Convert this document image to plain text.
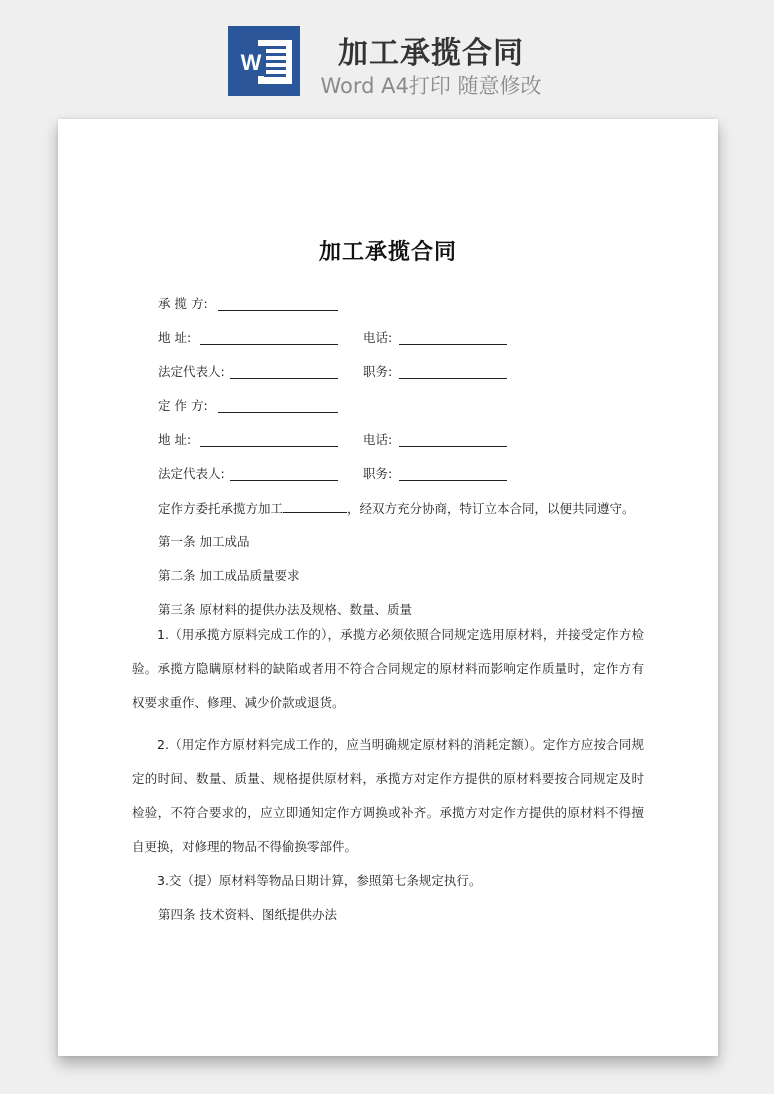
W	加工承揽合同
Word A4打印 随意修改

加工承揽合同
承 揽 方:
地 址:	电话:
法定代表人:	职务:
定 作 方:
地 址:	电话:
法定代表人:	职务:
定作方委托承揽方加工	，经双方充分协商，特订立本合同，以便共同遵守。
第一条 加工成品
第二条 加工成品质量要求
第三条 原材料的提供办法及规格、数量、质量
1.（用承揽方原料完成工作的），承揽方必须依照合同规定选用原材料，并接受定作方检验。承揽方隐瞒原材料的缺陷或者用不符合合同规定的原材料而影响定作质量时，定作方有权要求重作、修理、减少价款或退货。
2.（用定作方原材料完成工作的，应当明确规定原材料的消耗定额）。定作方应按合同规定的时间、数量、质量、规格提供原材料，承揽方对定作方提供的原材料要按合同规定及时检验，不符合要求的，应立即通知定作方调换或补齐。承揽方对定作方提供的原材料不得擅自更换，对修理的物品不得偷换零部件。
3.交（提）原材料等物品日期计算，参照第七条规定执行。
第四条 技术资料、图纸提供办法
